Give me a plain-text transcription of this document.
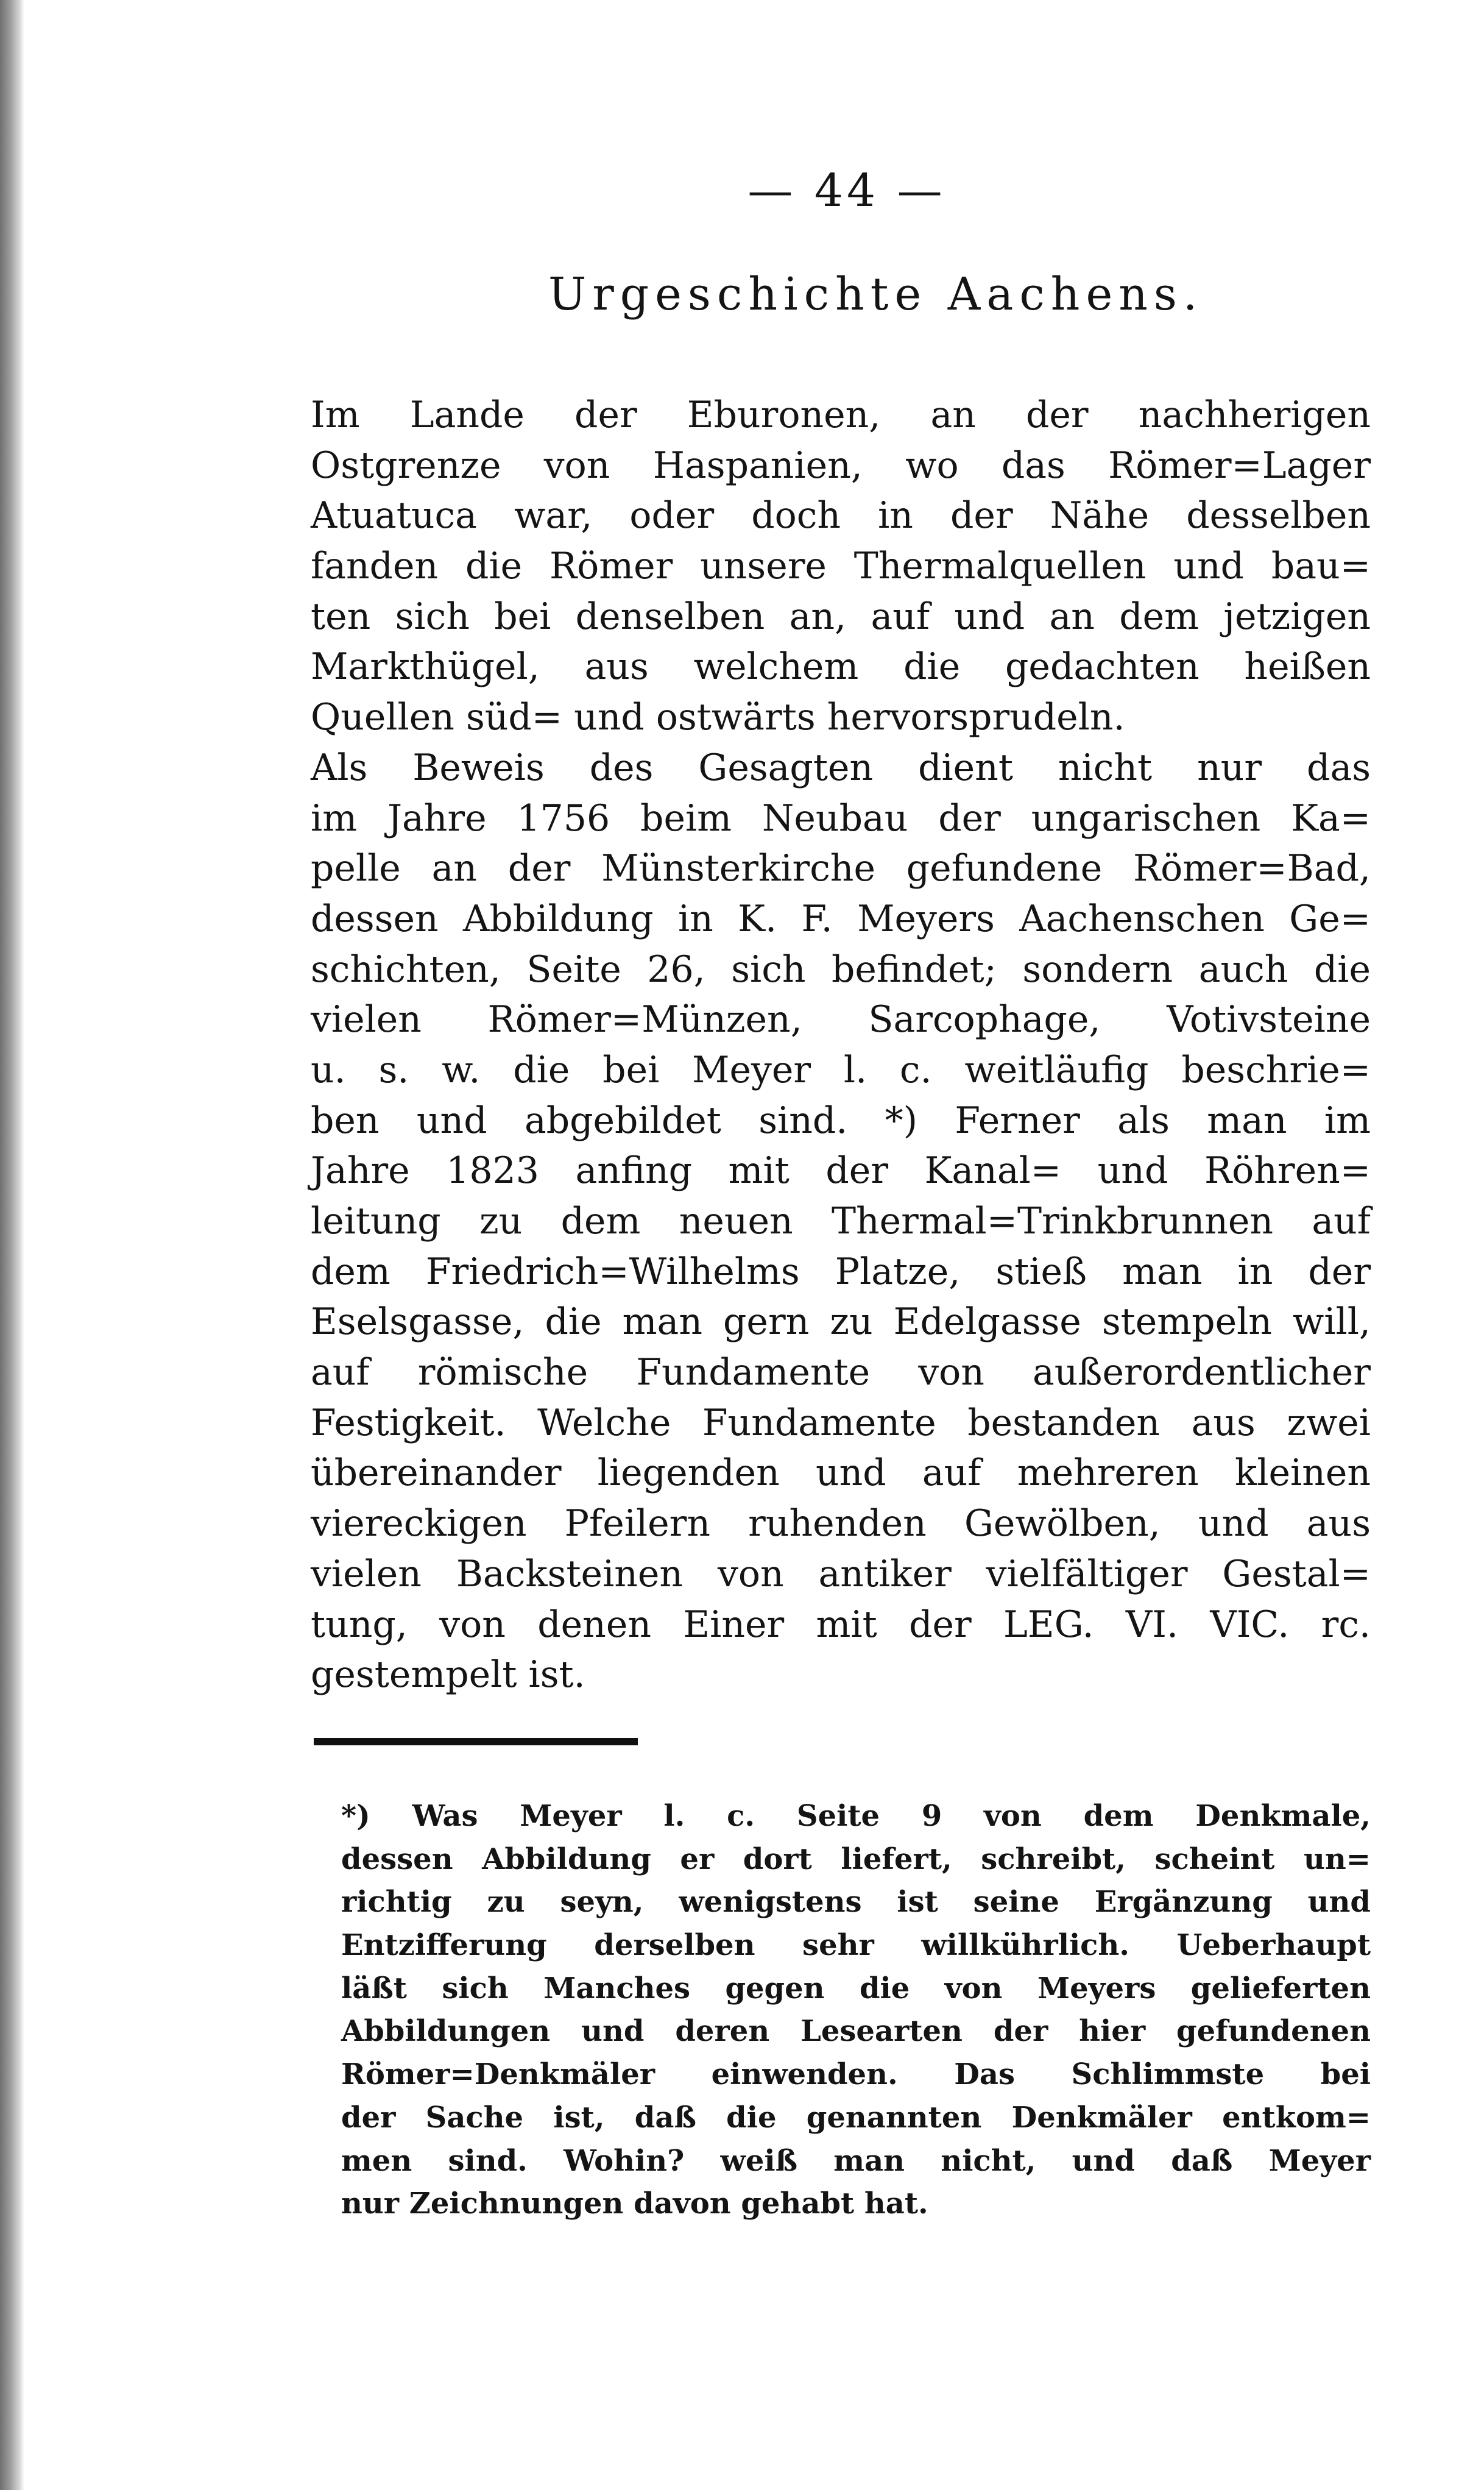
— 44 —
Urgeschichte Aachens.
Im Lande der Eburonen, an der nachherigen
Ostgrenze von Haspanien, wo das Römer=Lager
Atuatuca war, oder doch in der Nähe desselben
fanden die Römer unsere Thermalquellen und bau=
ten sich bei denselben an, auf und an dem jetzigen
Markthügel, aus welchem die gedachten heißen
Quellen süd= und ostwärts hervorsprudeln.
Als Beweis des Gesagten dient nicht nur das
im Jahre 1756 beim Neubau der ungarischen Ka=
pelle an der Münsterkirche gefundene Römer=Bad,
dessen Abbildung in K. F. Meyers Aachenschen Ge=
schichten, Seite 26, sich befindet; sondern auch die
vielen Römer=Münzen, Sarcophage, Votivsteine
u. s. w. die bei Meyer l. c. weitläufig beschrie=
ben und abgebildet sind. *) Ferner als man im
Jahre 1823 anfing mit der Kanal= und Röhren=
leitung zu dem neuen Thermal=Trinkbrunnen auf
dem Friedrich=Wilhelms Platze, stieß man in der
Eselsgasse, die man gern zu Edelgasse stempeln will,
auf römische Fundamente von außerordentlicher
Festigkeit. Welche Fundamente bestanden aus zwei
übereinander liegenden und auf mehreren kleinen
viereckigen Pfeilern ruhenden Gewölben, und aus
vielen Backsteinen von antiker vielfältiger Gestal=
tung, von denen Einer mit der LEG. VI. VIC. rc.
gestempelt ist.
*) Was Meyer l. c. Seite 9 von dem Denkmale,
dessen Abbildung er dort liefert, schreibt, scheint un=
richtig zu seyn, wenigstens ist seine Ergänzung und
Entzifferung derselben sehr willkührlich. Ueberhaupt
läßt sich Manches gegen die von Meyers gelieferten
Abbildungen und deren Lesearten der hier gefundenen
Römer=Denkmäler einwenden. Das Schlimmste bei
der Sache ist, daß die genannten Denkmäler entkom=
men sind. Wohin? weiß man nicht, und daß Meyer
nur Zeichnungen davon gehabt hat.
